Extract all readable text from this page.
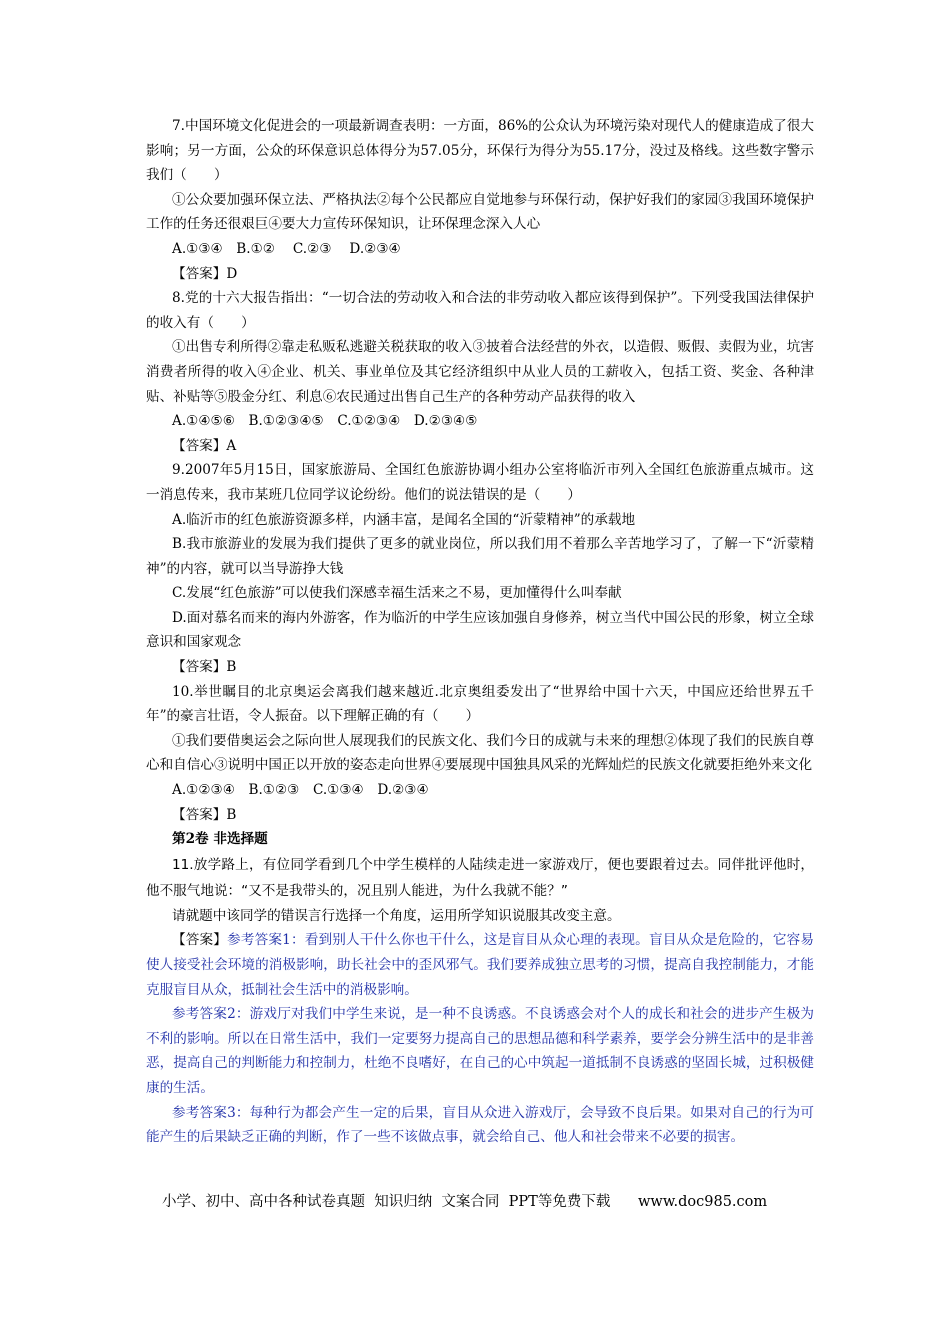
7.中国环境文化促进会的一项最新调查表明：一方面，86%的公众认为环境污染对现代人的健康造成了很大影响；另一方面，公众的环保意识总体得分为57.05分，环保行为得分为55.17分，没过及格线。这些数字警示我们（　　）

①公众要加强环保立法、严格执法②每个公民都应自觉地参与环保行动，保护好我们的家园③我国环境保护工作的任务还很艰巨④要大力宣传环保知识，让环保理念深入人心

A.①③④　B.①②　 C.②③　 D.②③④

【答案】D

8.党的十六大报告指出：“一切合法的劳动收入和合法的非劳动收入都应该得到保护”。下列受我国法律保护的收入有（　　）

①出售专利所得②靠走私贩私逃避关税获取的收入③披着合法经营的外衣，以造假、贩假、卖假为业，坑害消费者所得的收入④企业、机关、事业单位及其它经济组织中从业人员的工薪收入，包括工资、奖金、各种津贴、补贴等⑤股金分红、利息⑥农民通过出售自己生产的各种劳动产品获得的收入

A.①④⑤⑥　B.①②③④⑤　C.①②③④　D.②③④⑤

【答案】A

9.2007年5月15日，国家旅游局、全国红色旅游协调小组办公室将临沂市列入全国红色旅游重点城市。这一消息传来，我市某班几位同学议论纷纷。他们的说法错误的是（　　）

A.临沂市的红色旅游资源多样，内涵丰富，是闻名全国的“沂蒙精神”的承载地

B.我市旅游业的发展为我们提供了更多的就业岗位，所以我们用不着那么辛苦地学习了，了解一下“沂蒙精神”的内容，就可以当导游挣大钱

C.发展“红色旅游”可以使我们深感幸福生活来之不易，更加懂得什么叫奉献

D.面对慕名而来的海内外游客，作为临沂的中学生应该加强自身修养，树立当代中国公民的形象，树立全球意识和国家观念

【答案】B

10.举世瞩目的北京奥运会离我们越来越近.北京奥组委发出了“世界给中国十六天，中国应还给世界五千年”的豪言壮语，令人振奋。以下理解正确的有（　　）

①我们要借奥运会之际向世人展现我们的民族文化、我们今日的成就与未来的理想②体现了我们的民族自尊心和自信心③说明中国正以开放的姿态走向世界④要展现中国独具风采的光辉灿烂的民族文化就要拒绝外来文化

A.①②③④　B.①②③　C.①③④　D.②③④

【答案】B

第2卷 非选择题

11.放学路上，有位同学看到几个中学生模样的人陆续走进一家游戏厅，便也要跟着过去。同伴批评他时，他不服气地说：“又不是我带头的，况且别人能进，为什么我就不能？”

请就题中该同学的错误言行选择一个角度，运用所学知识说服其改变主意。

【答案】参考答案1：看到别人干什么你也干什么，这是盲目从众心理的表现。盲目从众是危险的，它容易使人接受社会环境的消极影响，助长社会中的歪风邪气。我们要养成独立思考的习惯，提高自我控制能力，才能克服盲目从众，抵制社会生活中的消极影响。

参考答案2：游戏厅对我们中学生来说，是一种不良诱惑。不良诱惑会对个人的成长和社会的进步产生极为不利的影响。所以在日常生活中，我们一定要努力提高自己的思想品德和科学素养，要学会分辨生活中的是非善恶，提高自己的判断能力和控制力，杜绝不良嗜好，在自己的心中筑起一道抵制不良诱惑的坚固长城，过积极健康的生活。

参考答案3：每种行为都会产生一定的后果，盲目从众进入游戏厅，会导致不良后果。如果对自己的行为可能产生的后果缺乏正确的判断，作了一些不该做点事，就会给自己、他人和社会带来不必要的损害。

小学、初中、高中各种试卷真题  知识归纳  文案合同  PPT等免费下载      www.doc985.com
